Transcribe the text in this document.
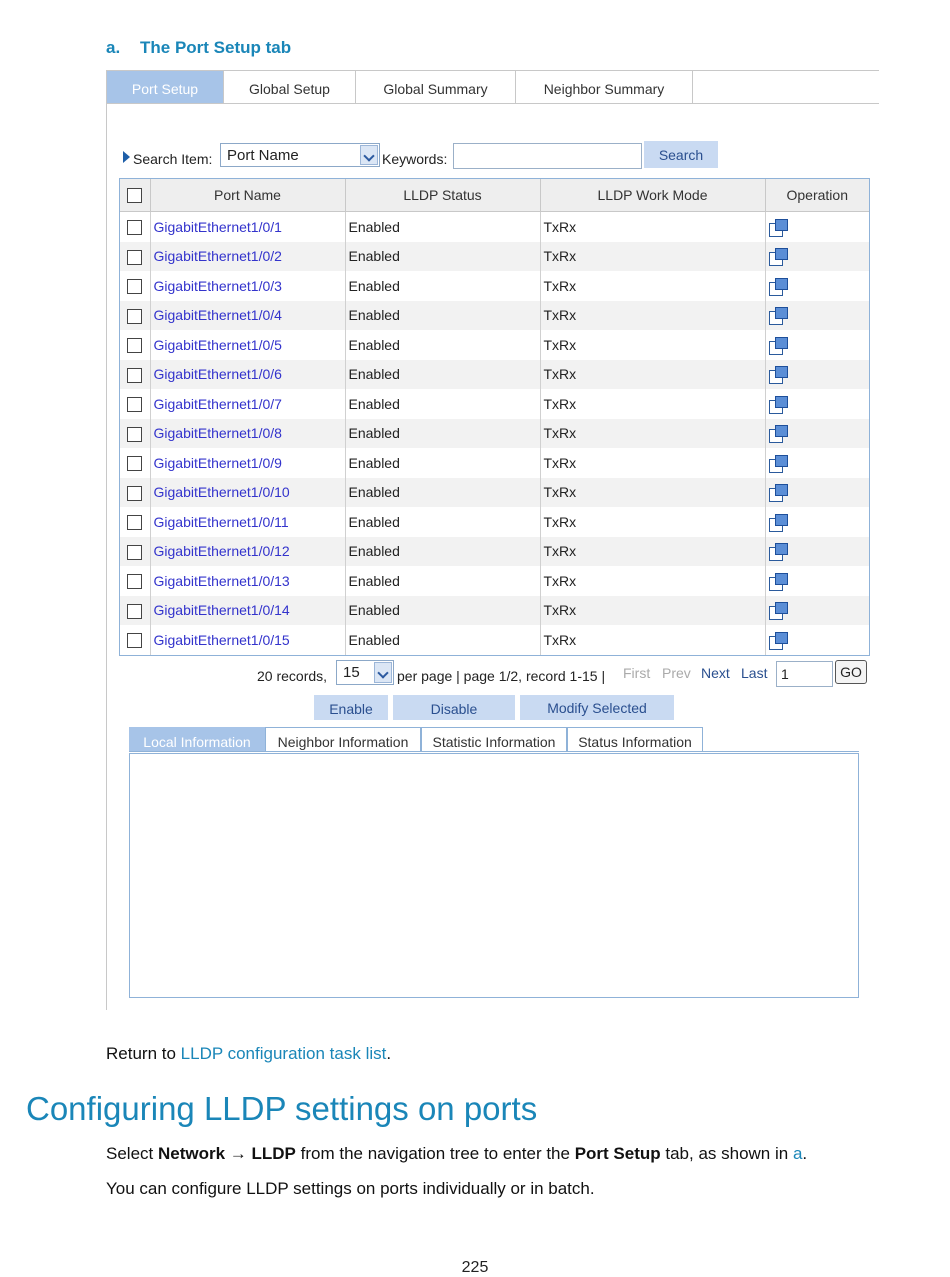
a. The Port Setup tab
Port Setup	Global Setup	Global Summary	Neighbor Summary
Search Item: Port Name	Keywords:	Search
	Port Name	LLDP Status	LLDP Work Mode	Operation
	GigabitEthernet1/0/1	Enabled	TxRx	
	GigabitEthernet1/0/2	Enabled	TxRx	
	GigabitEthernet1/0/3	Enabled	TxRx	
	GigabitEthernet1/0/4	Enabled	TxRx	
	GigabitEthernet1/0/5	Enabled	TxRx	
	GigabitEthernet1/0/6	Enabled	TxRx	
	GigabitEthernet1/0/7	Enabled	TxRx	
	GigabitEthernet1/0/8	Enabled	TxRx	
	GigabitEthernet1/0/9	Enabled	TxRx	
	GigabitEthernet1/0/10	Enabled	TxRx	
	GigabitEthernet1/0/11	Enabled	TxRx	
	GigabitEthernet1/0/12	Enabled	TxRx	
	GigabitEthernet1/0/13	Enabled	TxRx	
	GigabitEthernet1/0/14	Enabled	TxRx	
	GigabitEthernet1/0/15	Enabled	TxRx	
20 records, 15	per page | page 1/2, record 1-15 | First Prev Next Last 1	GO
Enable	Disable	Modify Selected
Local Information	Neighbor Information	Statistic Information	Status Information
Return to LLDP configuration task list.
Configuring LLDP settings on ports
Select Network → LLDP from the navigation tree to enter the Port Setup tab, as shown in a.
You can configure LLDP settings on ports individually or in batch.
225
